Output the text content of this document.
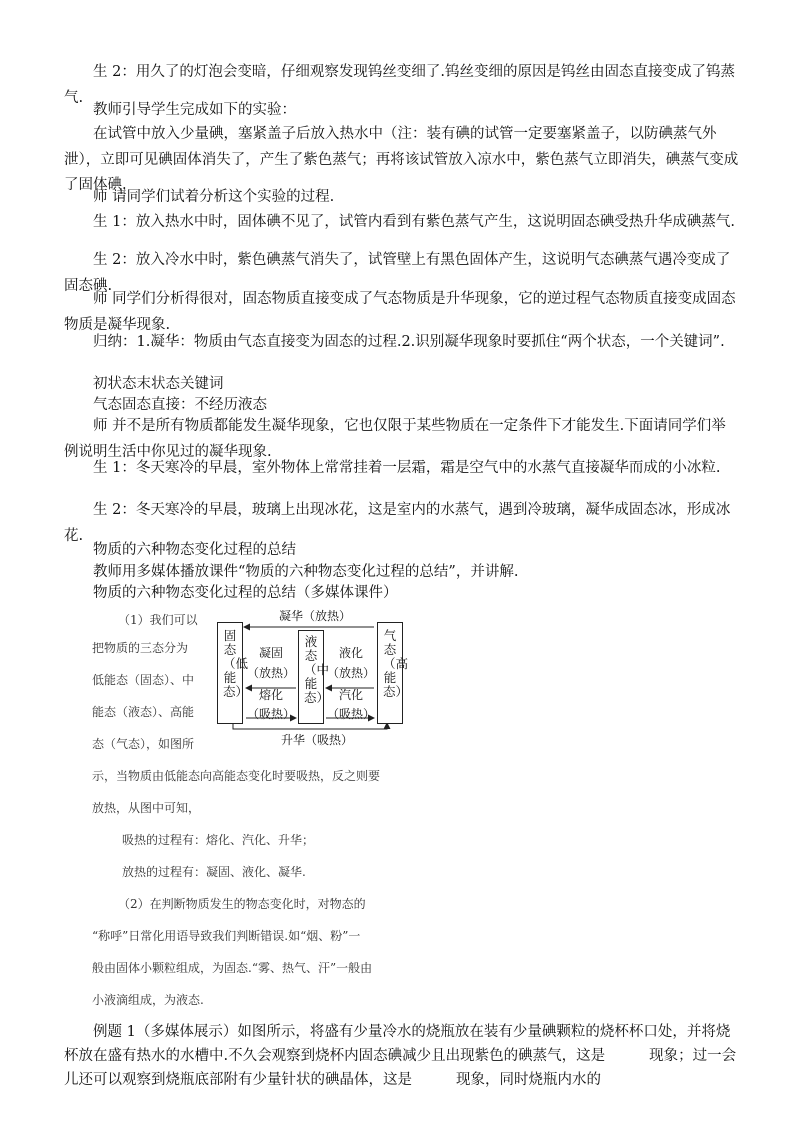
生 2：用久了的灯泡会变暗，仔细观察发现钨丝变细了.钨丝变细的原因是钨丝由固态直接变成了钨蒸气.
教师引导学生完成如下的实验：
在试管中放入少量碘，塞紧盖子后放入热水中（注：装有碘的试管一定要塞紧盖子，以防碘蒸气外泄），立即可见碘固体消失了，产生了紫色蒸气；再将该试管放入凉水中，紫色蒸气立即消失，碘蒸气变成了固体碘.
师 请同学们试着分析这个实验的过程.
生 1：放入热水中时，固体碘不见了，试管内看到有紫色蒸气产生，这说明固态碘受热升华成碘蒸气.
生 2：放入冷水中时，紫色碘蒸气消失了，试管壁上有黑色固体产生，这说明气态碘蒸气遇冷变成了固态碘.
师 同学们分析得很对，固态物质直接变成了气态物质是升华现象，它的逆过程气态物质直接变成固态物质是凝华现象.
归纳：1.凝华：物质由气态直接变为固态的过程.2.识别凝华现象时要抓住“两个状态，一个关键词”.
初状态末状态关键词
气态固态直接：不经历液态
师 并不是所有物质都能发生凝华现象，它也仅限于某些物质在一定条件下才能发生.下面请同学们举例说明生活中你见过的凝华现象.
生 1：冬天寒冷的早晨，室外物体上常常挂着一层霜，霜是空气中的水蒸气直接凝华而成的小冰粒.
生 2：冬天寒冷的早晨，玻璃上出现冰花，这是室内的水蒸气，遇到冷玻璃，凝华成固态冰，形成冰花.
物质的六种物态变化过程的总结
教师用多媒体播放课件“物质的六种物态变化过程的总结”，并讲解.
物质的六种物态变化过程的总结（多媒体课件）
（1）我们可以
把物质的三态分为
低能态（固态）、中
能态（液态）、高能
态（气态），如图所
凝华（放热）
升华（吸热）
固态（低能态）
液态（中能态）
气态（高能态）
凝固
（放热）
熔化
（吸热）
液化
（放热）
汽化
（吸热）
示，当物质由低能态向高能态变化时要吸热，反之则要
放热，从图中可知，
吸热的过程有：熔化、汽化、升华；
放热的过程有：凝固、液化、凝华.
（2）在判断物质发生的物态变化时，对物态的
“称呼”日常化用语导致我们判断错误.如“烟、粉”一
般由固体小颗粒组成，为固态.“雾、热气、汗”一般由
小液滴组成，为液态.
例题 1（多媒体展示）如图所示，将盛有少量冷水的烧瓶放在装有少量碘颗粒的烧杯杯口处，并将烧杯放在盛有热水的水槽中.不久会观察到烧杯内固态碘减少且出现紫色的碘蒸气，这是	现象；过一会儿还可以观察到烧瓶底部附有少量针状的碘晶体，这是	现象，同时烧瓶内水的
